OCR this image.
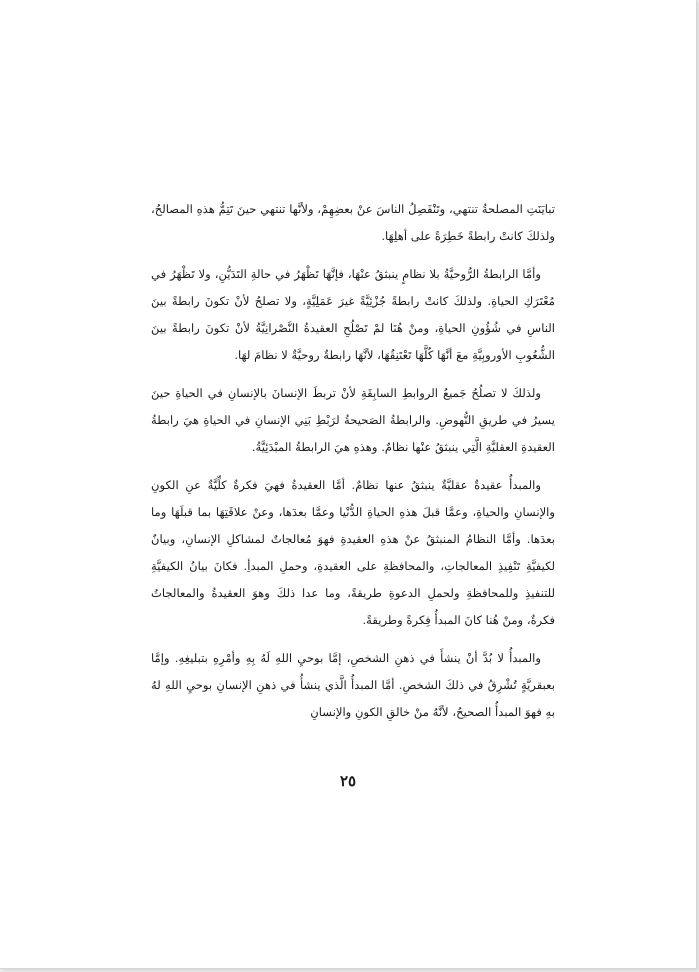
تبايَنَتِ المصلحةُ تنتهي، وتَنْفَصِلُ الناسَ عنْ بعضِهِمْ، ولأنَّها تنتهي حينَ تَتِمُّ هذهِ المصالحُ، ولذلكَ كانتْ رابطةً خَطِرَةً على أهلِهَا.

وأمَّا الرابطةُ الرُّوحيَّةُ بلا نظامٍ ينبثقُ عنْهَا، فإنَّهَا تَظْهَرُ في حالةِ التَدَيُّنِ، ولا تَظْهَرُ في مُعْتَرَكِ الحياةِ. ولذلكَ كانتْ رابطةً جُزْئِيَّةً غيرَ عَمَلِيَّةٍ، ولا تصلحُ لأنْ تكونَ رابطةً بينَ الناسِ في شُؤُونِ الحياةِ، ومنْ هُنَا لمْ تَصْلُحِ العقيدةُ النَّصْرانِيَّةُ لأنْ تكونَ رابطةً بينَ الشُّعُوبِ الأوروبِيَّةِ معَ أنَّهَا كُلَّهَا تَعْتَنِقُهَا، لأنَّهَا رابطةٌ روحيَّةٌ لا نظامَ لهَا.

ولذلكَ لا تصلُحُ جَميعُ الروابطِ السابِقَةِ لأنْ تربطَ الإنسانَ بالإنسانِ في الحياةِ حينَ يسيرُ في طريقِ النُّهوضِ. والرابطةُ الصَحيحةُ لرَبْطِ بَنِي الإنسانِ في الحياةِ هيَ رابطةُ العقيدةِ العقليَّةِ الَّتِي ينبثقُ عنْها نظامٌ. وهذهِ هيَ الرابطةُ المبْدَئِيَّةُ.

والمبدأُ عقيدةٌ عقليَّةٌ ينبثقُ عنها نظامٌ. أمَّا العقيدةُ فهيَ فكرةٌ كلِّيَّةٌ عنِ الكونِ والإنسانِ والحياةِ، وعمَّا قبلَ هذهِ الحياةِ الدُّنْيا وعمَّا بعدَها، وعنْ علاقَتِهَا بما قبلَهَا وما بعدَها. وأمَّا النظامُ المنبثقُ عنْ هذهِ العقيدةِ فهوَ مُعالجاتٌ لمشاكلِ الإنسانِ، وبيانٌ لكيفيَّةِ تَنْفِيذِ المعالجاتِ، والمحافظةِ على العقيدةِ، وحملِ المبدأِ. فكانَ بيانُ الكيفيَّةِ للتنفيذِ وللمحافظةِ ولحملِ الدعوةِ طريقةً، وما عدا ذلكَ وهوَ العقيدةُ والمعالجاتُ فكرةٌ، ومنْ هُنا كانَ المبدأُ فِكرةً وطريقةً.

والمبدأُ لا بُدَّ أنْ ينشأَ في ذهنِ الشخصِ، إمَّا بوحيِ اللهِ لَهُ بِهِ وأمْرِهِ بتبليغِهِ. وإمَّا بعبقريَّةٍ تُشْرِقُ في ذلكَ الشخصِ. أمَّا المبدأُ الَّذي ينشأُ في ذهنِ الإنسانِ بوحيِ اللهِ لهُ بهِ فهوَ المبدأُ الصحيحُ، لأنَّهُ منْ خالقِ الكونِ والإنسانِ

٢٥
